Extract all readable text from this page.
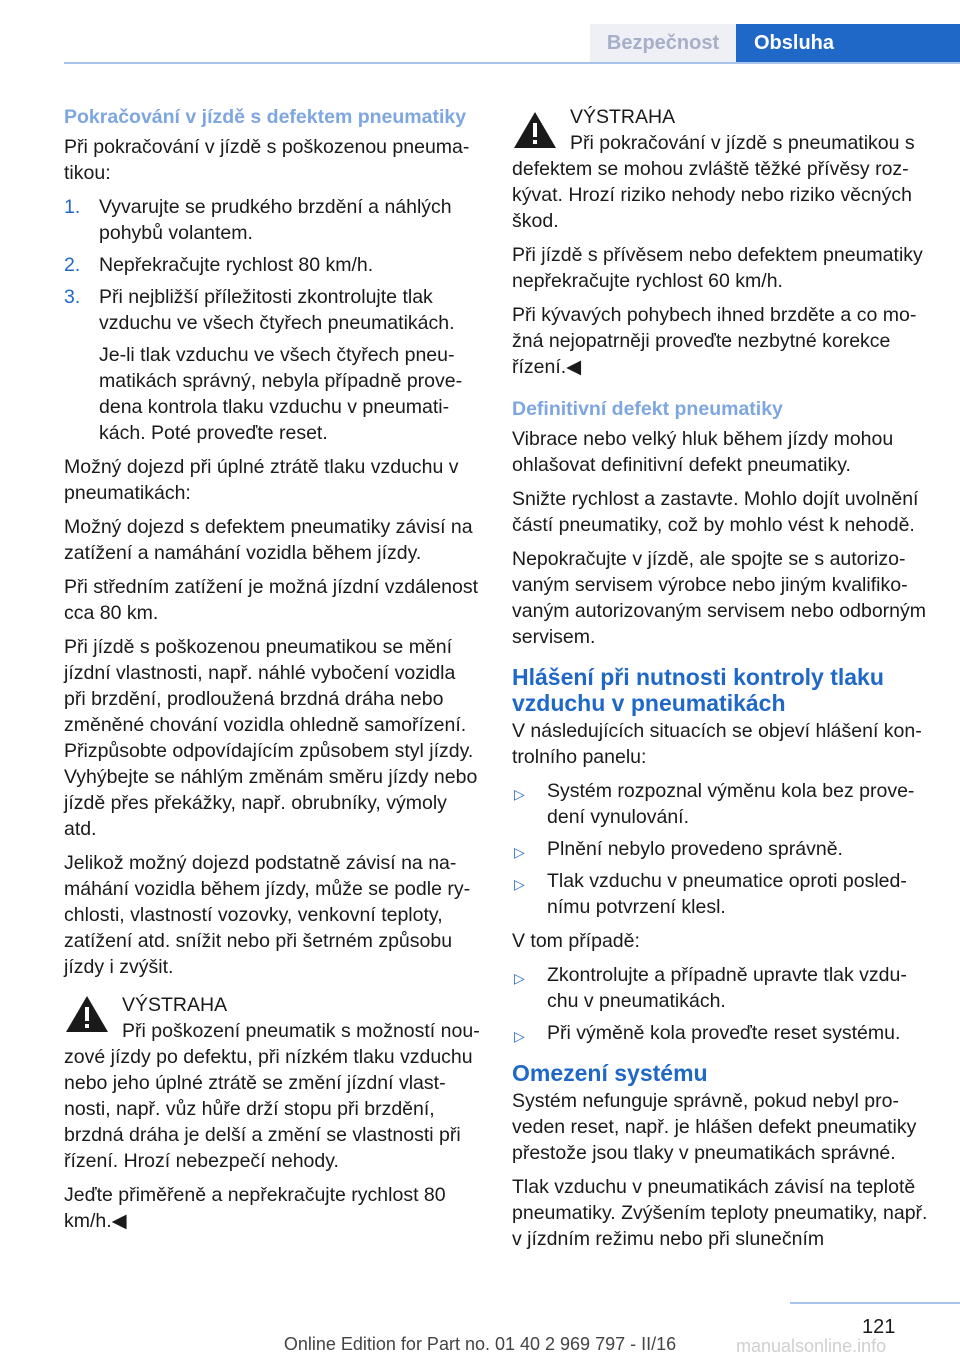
Bezpečnost	Obsluha
Pokračování v jízdě s defektem pneumatiky

Při pokračování v jízdě s poškozenou pneumatikou:

1. Vyvarujte se prudkého brzdění a náhlých pohybů volantem.
2. Nepřekračujte rychlost 80 km/h.
3. Při nejbližší příležitosti zkontrolujte tlak vzduchu ve všech čtyřech pneumatikách.
Je-li tlak vzduchu ve všech čtyřech pneumatikách správný, nebyla případně provedena kontrola tlaku vzduchu v pneumatikách. Poté proveďte reset.

Možný dojezd při úplné ztrátě tlaku vzduchu v pneumatikách:

Možný dojezd s defektem pneumatiky závisí na zatížení a namáhání vozidla během jízdy.

Při středním zatížení je možná jízdní vzdálenost cca 80 km.

Při jízdě s poškozenou pneumatikou se mění jízdní vlastnosti, např. náhlé vybočení vozidla při brzdění, prodloužená brzdná dráha nebo změněné chování vozidla ohledně samořízení. Přizpůsobte odpovídajícím způsobem styl jízdy. Vyhýbejte se náhlým změnám směru jízdy nebo jízdě přes překážky, např. obrubníky, výmoly atd.

Jelikož možný dojezd podstatně závisí na namáhání vozidla během jízdy, může se podle rychlosti, vlastností vozovky, venkovní teploty, zatížení atd. snížit nebo při šetrném způsobu jízdy i zvýšit.

VÝSTRAHA

Při poškození pneumatik s možností nouzové jízdy po defektu, při nízkém tlaku vzduchu nebo jeho úplné ztrátě se změní jízdní vlastnosti, např. vůz hůře drží stopu při brzdění, brzdná dráha je delší a změní se vlastnosti při řízení. Hrozí nebezpečí nehody.

Jeďte přiměřeně a nepřekračujte rychlost 80 km/h.◀

VÝSTRAHA

Při pokračování v jízdě s pneumatikou s defektem se mohou zvláště těžké přívěsy rozkývat. Hrozí riziko nehody nebo riziko věcných škod.

Při jízdě s přívěsem nebo defektem pneumatiky nepřekračujte rychlost 60 km/h.

Při kývavých pohybech ihned brzděte a co možná nejopatrněji proveďte nezbytné korekce řízení.◀

Definitivní defekt pneumatiky

Vibrace nebo velký hluk během jízdy mohou ohlašovat definitivní defekt pneumatiky.

Snižte rychlost a zastavte. Mohlo dojít uvolnění částí pneumatiky, což by mohlo vést k nehodě.

Nepokračujte v jízdě, ale spojte se s autorizovaným servisem výrobce nebo jiným kvalifikovaným autorizovaným servisem nebo odborným servisem.

Hlášení při nutnosti kontroly tlaku vzduchu v pneumatikách

V následujících situacích se objeví hlášení kontrolního panelu:

▷ Systém rozpoznal výměnu kola bez provedení vynulování.
▷ Plnění nebylo provedeno správně.
▷ Tlak vzduchu v pneumatice oproti poslednímu potvrzení klesl.

V tom případě:

▷ Zkontrolujte a případně upravte tlak vzduchu v pneumatikách.
▷ Při výměně kola proveďte reset systému.
Omezení systému

Systém nefunguje správně, pokud nebyl proveden reset, např. je hlášen defekt pneumatiky přestože jsou tlaky v pneumatikách správné.

Tlak vzduchu v pneumatikách závisí na teplotě pneumatiky. Zvýšením teploty pneumatiky, např. v jízdním režimu nebo při slunečním

121
Online Edition for Part no. 01 40 2 969 797 - II/16	manualsonline.info
